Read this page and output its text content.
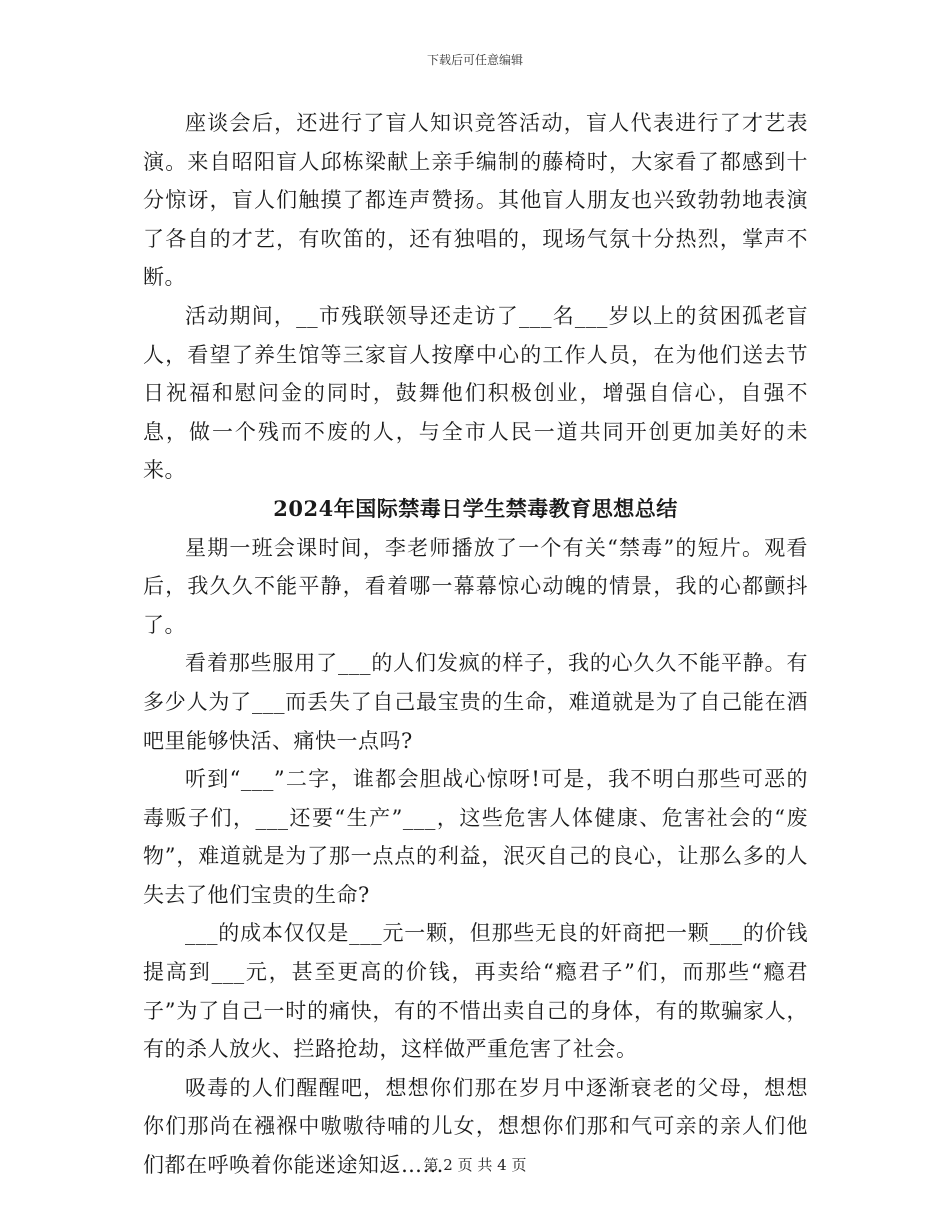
下载后可任意编辑

座谈会后，还进行了盲人知识竞答活动，盲人代表进行了才艺表演。来自昭阳盲人邱栋梁献上亲手编制的藤椅时，大家看了都感到十分惊讶，盲人们触摸了都连声赞扬。其他盲人朋友也兴致勃勃地表演了各自的才艺，有吹笛的，还有独唱的，现场气氛十分热烈，掌声不断。

活动期间，__市残联领导还走访了___名___岁以上的贫困孤老盲人，看望了养生馆等三家盲人按摩中心的工作人员，在为他们送去节日祝福和慰问金的同时，鼓舞他们积极创业，增强自信心，自强不息，做一个残而不废的人，与全市人民一道共同开创更加美好的未来。

2024年国际禁毒日学生禁毒教育思想总结

星期一班会课时间，李老师播放了一个有关“禁毒”的短片。观看后，我久久不能平静，看着哪一幕幕惊心动魄的情景，我的心都颤抖了。

看着那些服用了___的人们发疯的样子，我的心久久不能平静。有多少人为了___而丢失了自己最宝贵的生命，难道就是为了自己能在酒吧里能够快活、痛快一点吗?

听到“___”二字，谁都会胆战心惊呀!可是，我不明白那些可恶的毒贩子们，___还要“生产”___，这些危害人体健康、危害社会的“废物”，难道就是为了那一点点的利益，泯灭自己的良心，让那么多的人失去了他们宝贵的生命?

___的成本仅仅是___元一颗，但那些无良的奸商把一颗___的价钱提高到___元，甚至更高的价钱，再卖给“瘾君子”们，而那些“瘾君子”为了自己一时的痛快，有的不惜出卖自己的身体，有的欺骗家人，有的杀人放火、拦路抢劫，这样做严重危害了社会。

吸毒的人们醒醒吧，想想你们那在岁月中逐渐衰老的父母，想想你们那尚在襁褓中嗷嗷待哺的儿女，想想你们那和气可亲的亲人们他们都在呼唤着你能迷途知返……

第 2 页 共 4 页
